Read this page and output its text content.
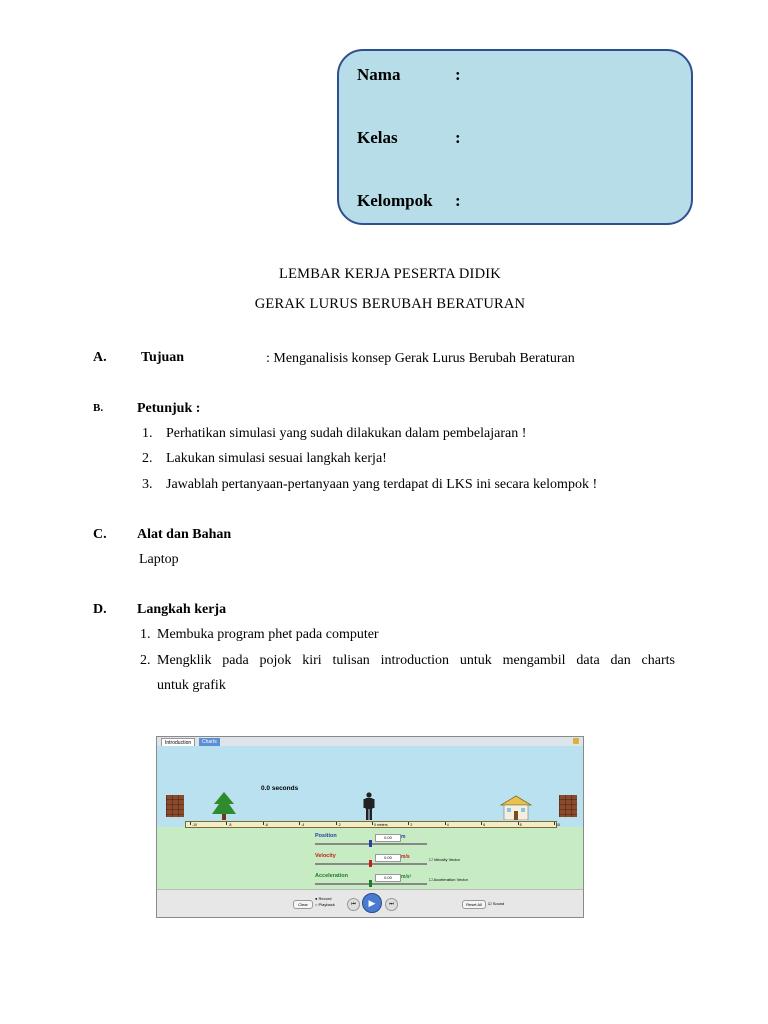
Nama	:
Kelas	:
Kelompok :
LEMBAR KERJA PESERTA DIDIK
GERAK LURUS BERUBAH BERATURAN
A. Tujuan	: Menganalisis konsep Gerak Lurus Berubah Beraturan
B. Petunjuk :
1. Perhatikan simulasi yang sudah dilakukan dalam pembelajaran !
2. Lakukan simulasi sesuai langkah kerja!
3. Jawablah pertanyaan-pertanyaan yang terdapat di LKS ini secara kelompok !
C. Alat dan Bahan
Laptop
D. Langkah kerja
1. Membuka program phet pada computer
2. Mengklik pada pojok kiri tulisan introduction untuk mengambil data dan charts
untuk grafik
Introduction	Charts
0.0 seconds
-10	-8	-6	-4	-2	0 meters	2	4	6	8	10
Position	0.00	m
Velocity	0.00	m/s	☐ Velocity Vector
Acceleration	0.00	m/s²	☐ Acceleration Vector
Clear
● Record
○ Playback	⏮	▶	⏭	Reset All	☑ Sound
